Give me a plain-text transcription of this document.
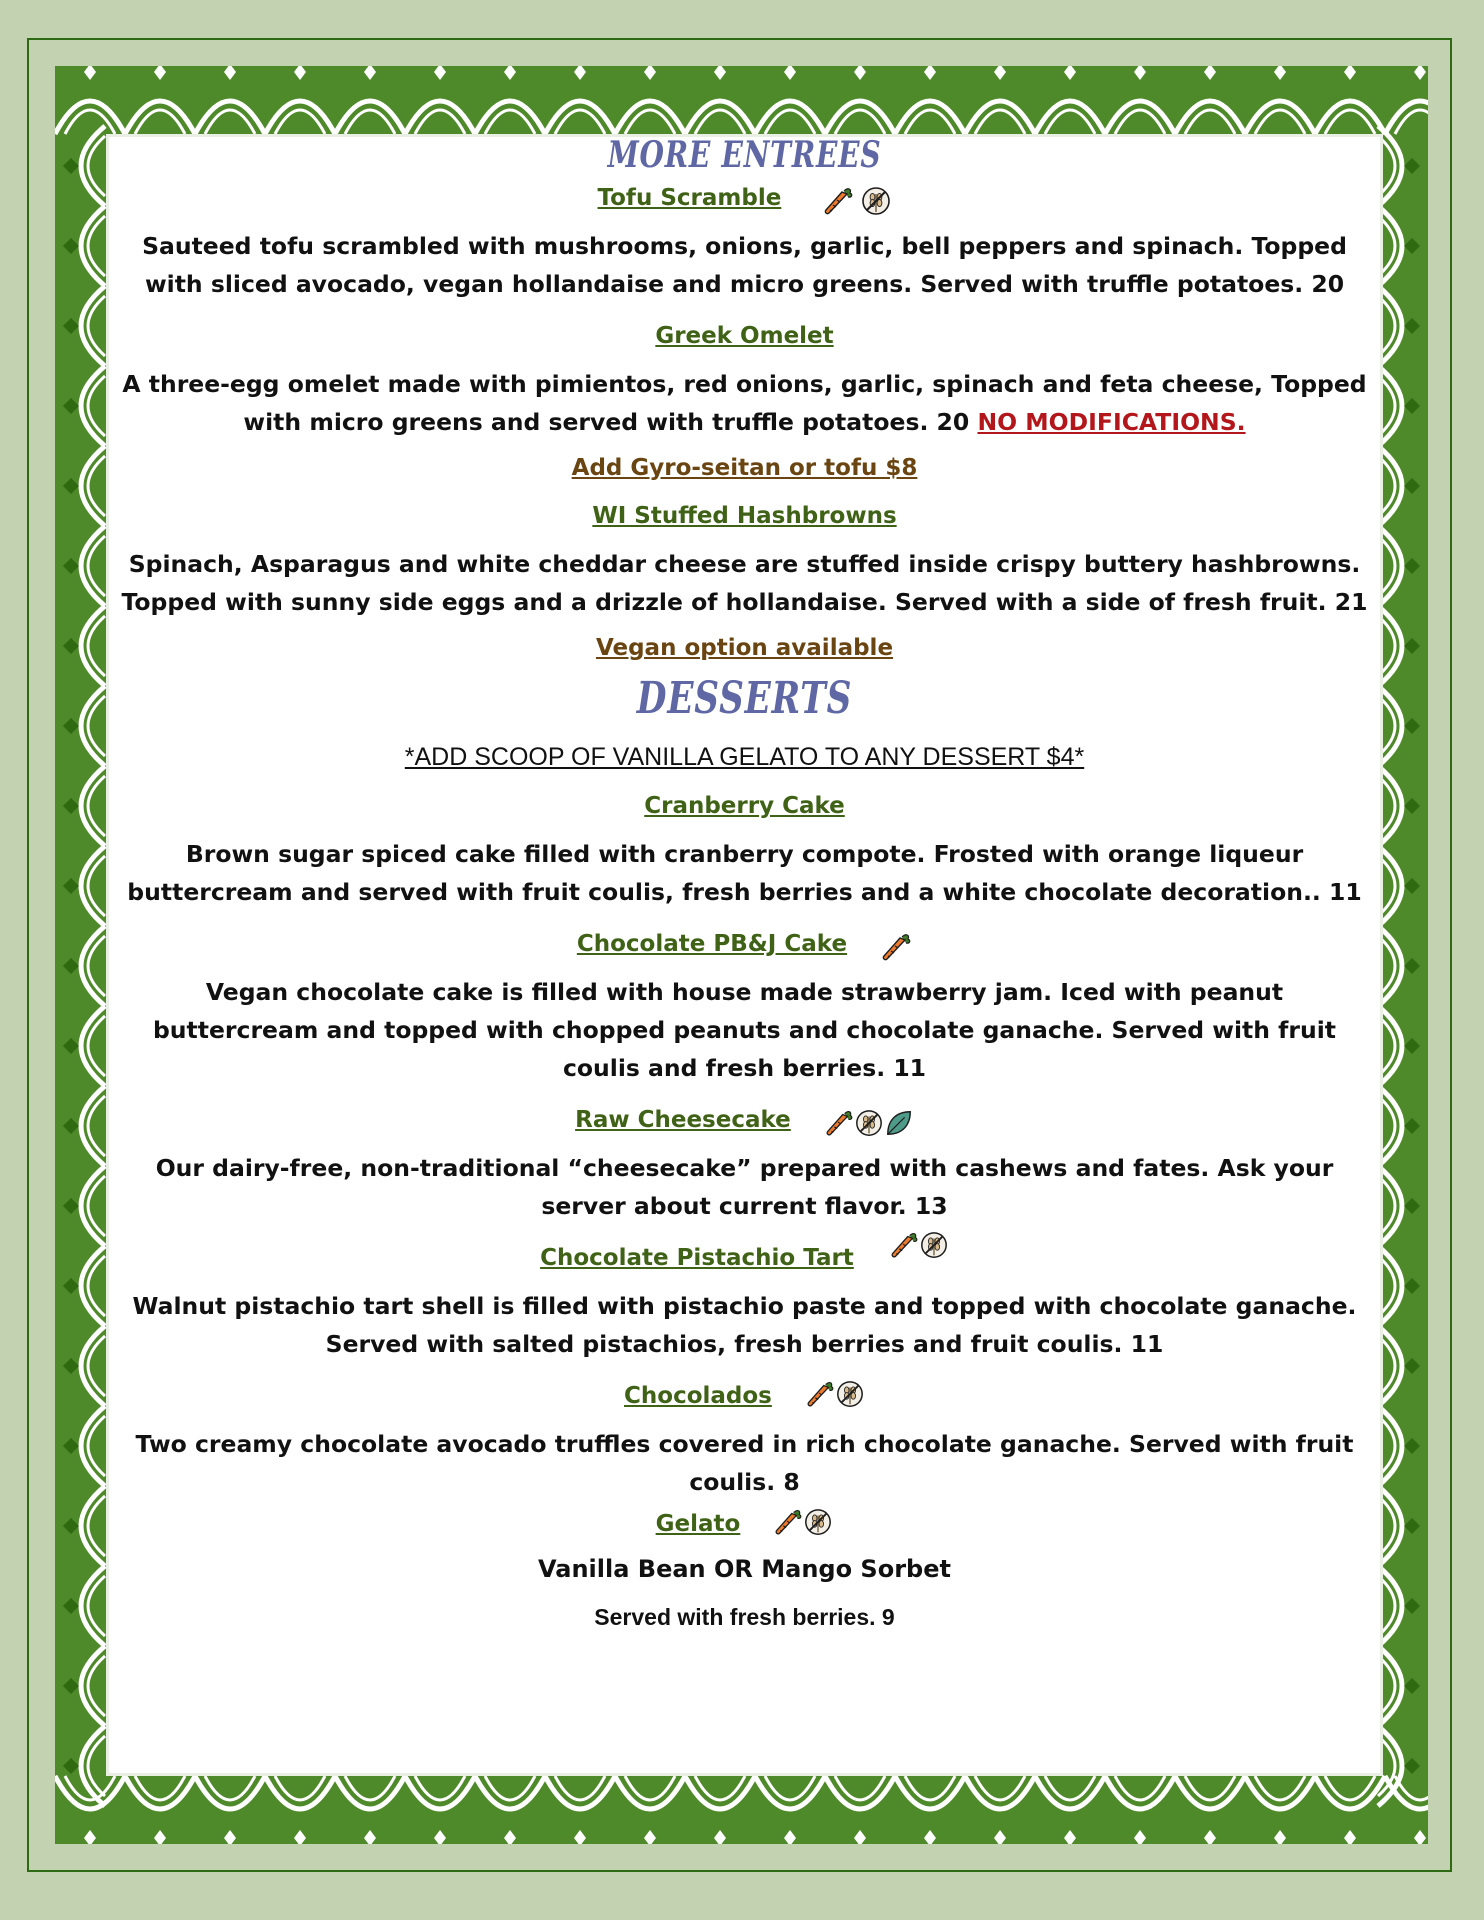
MORE ENTREES
Tofu Scramble
Sauteed tofu scrambled with mushrooms, onions, garlic, bell peppers and spinach. Topped with sliced avocado, vegan hollandaise and micro greens. Served with truffle potatoes. 20
Greek Omelet
A three-egg omelet made with pimientos, red onions, garlic, spinach and feta cheese, Topped with micro greens and served with truffle potatoes. 20 NO MODIFICATIONS.
Add Gyro-seitan or tofu $8
WI Stuffed Hashbrowns
Spinach, Asparagus and white cheddar cheese are stuffed inside crispy buttery hashbrowns. Topped with sunny side eggs and a drizzle of hollandaise. Served with a side of fresh fruit. 21
Vegan option available
DESSERTS
*ADD SCOOP OF VANILLA GELATO TO ANY DESSERT $4*
Cranberry Cake
Brown sugar spiced cake filled with cranberry compote. Frosted with orange liqueur buttercream and served with fruit coulis, fresh berries and a white chocolate decoration.. 11
Chocolate PB&J Cake
Vegan chocolate cake is filled with house made strawberry jam. Iced with peanut buttercream and topped with chopped peanuts and chocolate ganache. Served with fruit coulis and fresh berries. 11
Raw Cheesecake
Our dairy-free, non-traditional “cheesecake” prepared with cashews and fates. Ask your server about current flavor. 13
Chocolate Pistachio Tart
Walnut pistachio tart shell is filled with pistachio paste and topped with chocolate ganache. Served with salted pistachios, fresh berries and fruit coulis. 11
Chocolados
Two creamy chocolate avocado truffles covered in rich chocolate ganache. Served with fruit coulis. 8
Gelato
Vanilla Bean OR Mango Sorbet
Served with fresh berries. 9
